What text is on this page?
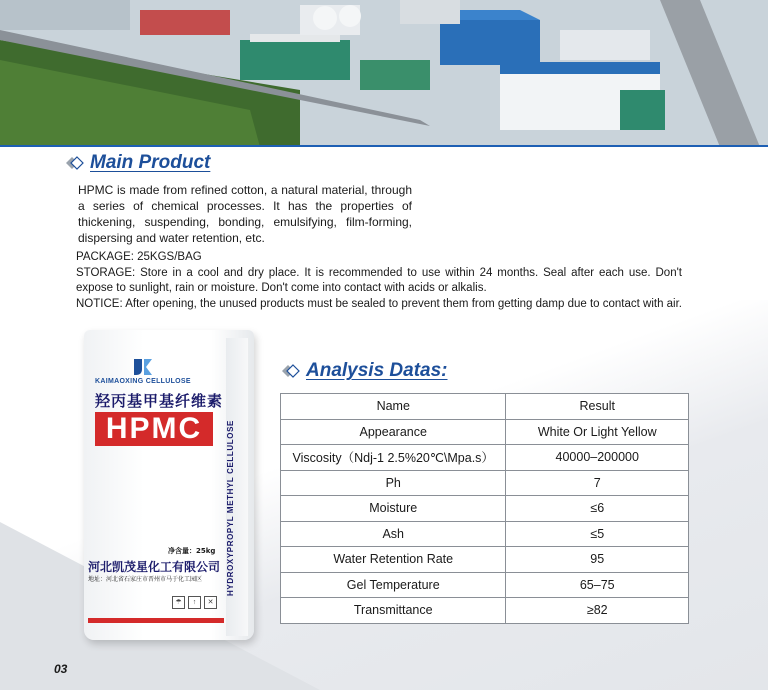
Main Product
HPMC is made from refined cotton, a natural material, through a series of chemical processes. It has the properties of thickening, suspending, bonding, emulsifying, film-forming, dispersing and water retention, etc.

PACKAGE: 25KGS/BAG

STORAGE: Store in a cool and dry place. It is recommended to use within 24 months. Seal after each use. Don't expose to sunlight, rain or moisture. Don't come into contact with acids or alkalis.

NOTICE: After opening, the unused products must be sealed to prevent them from getting damp due to contact with air.

KAIMAOXING CELLULOSE
羟丙基甲基纤维素
HPMC	HYDROXYPROPYL METHYL CELLULOSE
净含量：25kg
河北凯茂星化工有限公司
地址：河北省石家庄市晋州市马于化工园区
☂	↑	✕
Analysis Datas:
Name	Result
Appearance	White Or Light Yellow
Viscosity（Ndj-1 2.5%20℃\Mpa.s）	40000–200000
Ph	7
Moisture	≤6
Ash	≤5
Water Retention Rate	95
Gel Temperature	65–75
Transmittance	≥82
03
